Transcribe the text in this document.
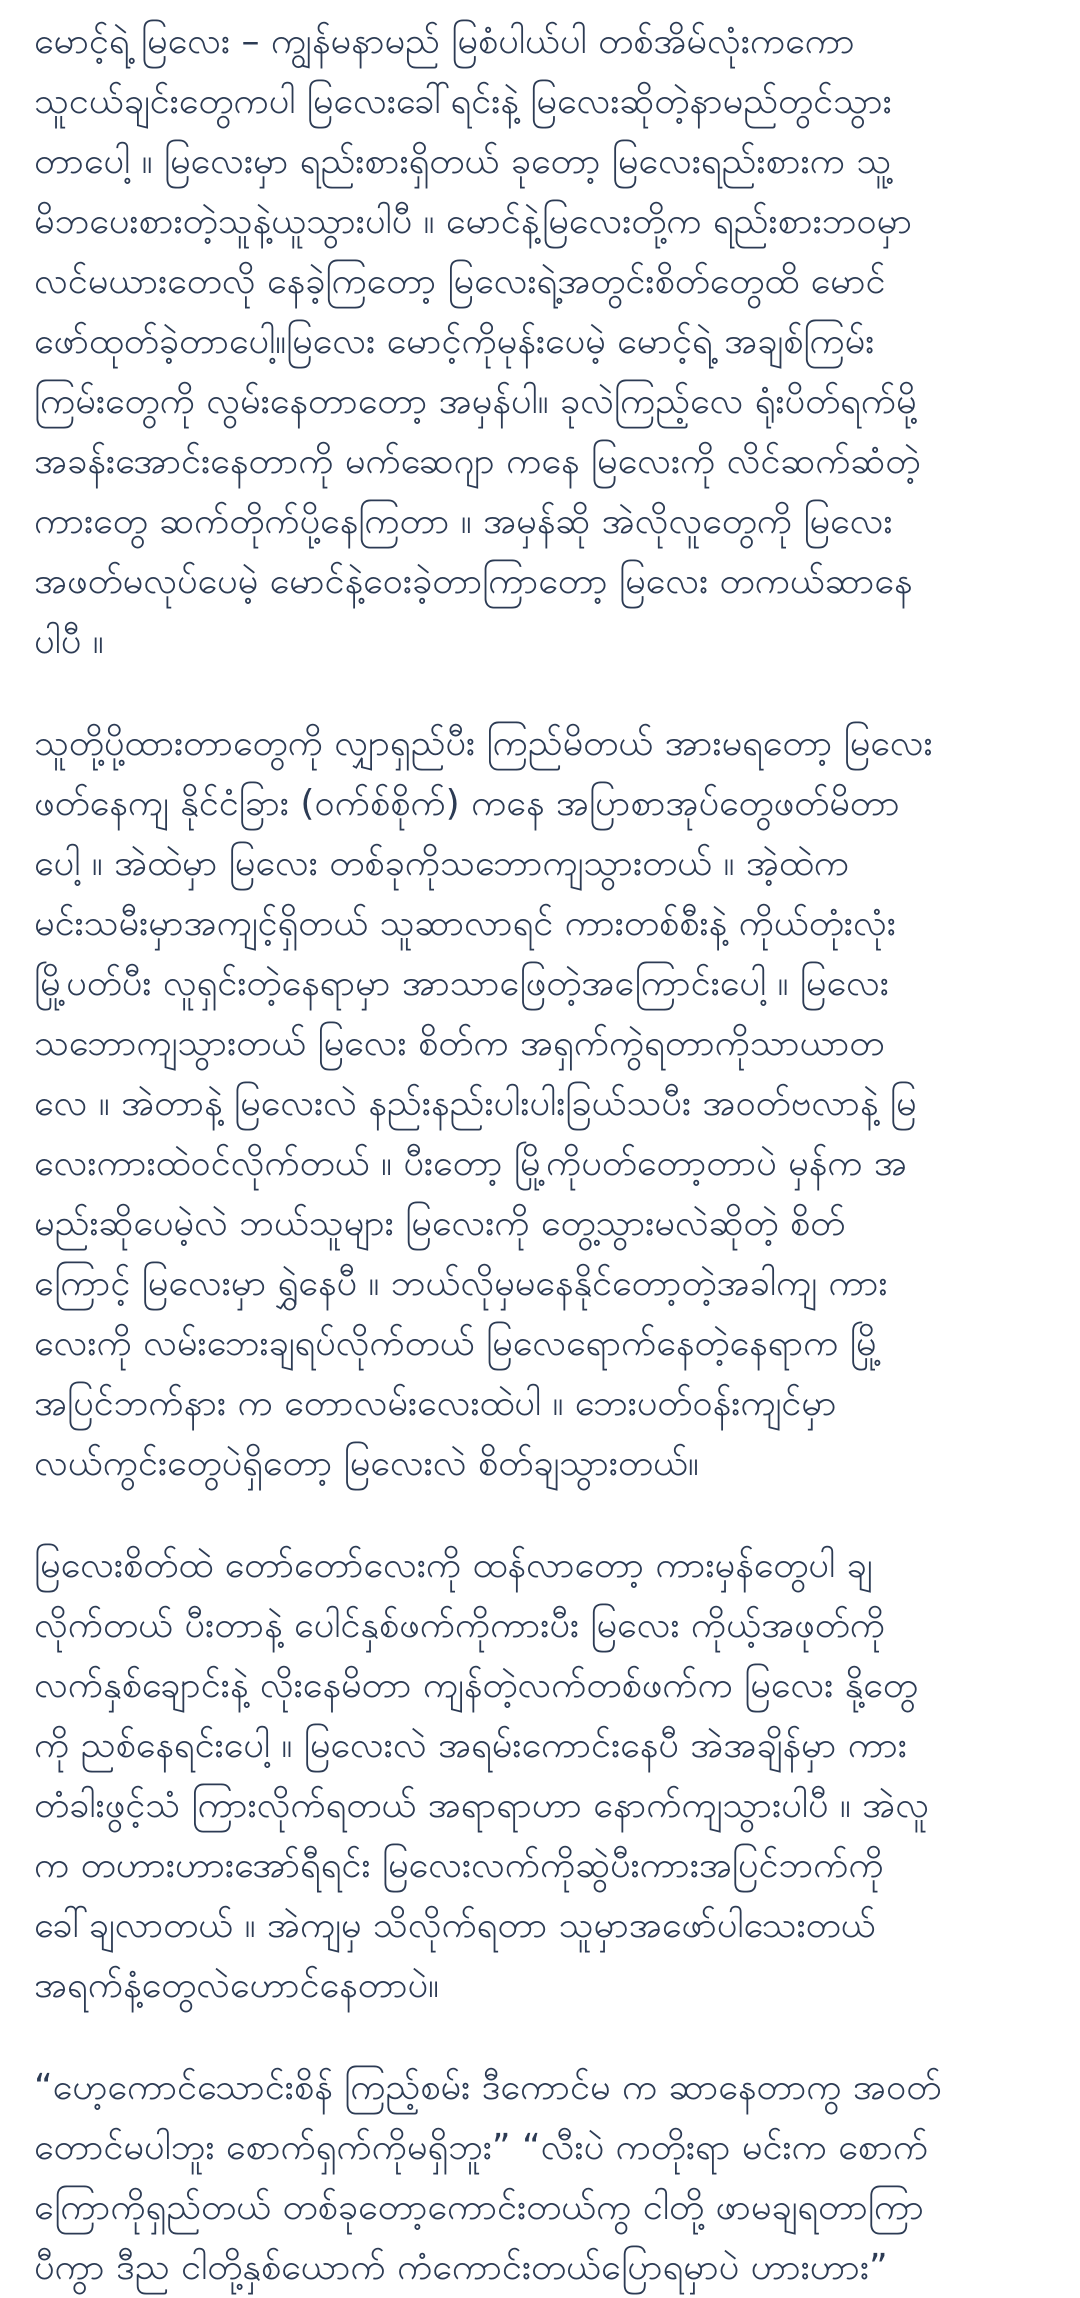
မောင့်ရဲ့ မြလေး – ကျွန်မနာမည် မြစံပါယ်ပါ တစ်အိမ်လုံးကကော
သူငယ်ချင်းတွေကပါ မြလေးခေါ်ရင်းနဲ့ မြလေးဆိုတဲ့နာမည်တွင်သွား
တာပေါ့ ။ မြလေးမှာ ရည်းစားရှိတယ် ခုတော့ မြလေးရည်းစားက သူ့
မိဘပေးစားတဲ့သူနဲ့ယူသွားပါပီ ။ မောင်နဲ့မြလေးတို့က ရည်းစားဘဝမှာ
လင်မယားတေလို နေခဲ့ကြတော့ မြလေးရဲ့အတွင်းစိတ်တွေထိ မောင်
ဖော်ထုတ်ခဲ့တာပေါ့။မြလေး မောင့်ကိုမုန်းပေမဲ့ မောင့်ရဲ့ အချစ်ကြမ်း
ကြမ်းတွေကို လွမ်းနေတာတော့ အမှန်ပါ။ ခုလဲကြည့်လေ ရုံးပိတ်ရက်မို့
အခန်းအောင်းနေတာကို မက်ဆေဂျာ ကနေ မြလေးကို လိင်ဆက်ဆံတဲ့
ကားတွေ ဆက်တိုက်ပို့နေကြတာ ။ အမှန်ဆို အဲလိုလူတွေကို မြလေး
အဖတ်မလုပ်ပေမဲ့ မောင်နဲ့ဝေးခဲ့တာကြာတော့ မြလေး တကယ်ဆာနေ
ပါပီ ။
သူတို့ပို့ထားတာတွေကို လျှာရှည်ပီး ကြည်မိတယ် အားမရတော့ မြလေး
ဖတ်နေကျ နိုင်ငံခြား (ဝက်စ်စိုက်) ကနေ အပြာစာအုပ်တွေဖတ်မိတာ
ပေါ့ ။ အဲထဲမှာ မြလေး တစ်ခုကိုသဘောကျသွားတယ် ။ အဲ့ထဲက
မင်းသမီးမှာအကျင့်ရှိတယ် သူဆာလာရင် ကားတစ်စီးနဲ့ ကိုယ်တုံးလုံး
မြို့ပတ်ပီး လူရှင်းတဲ့နေရာမှာ အာသာဖြေတဲ့အကြောင်းပေါ့ ။ မြလေး
သဘောကျသွားတယ် မြလေး စိတ်က အရှက်ကွဲရတာကိုသာယာတ
လေ ။ အဲတာနဲ့ မြလေးလဲ နည်းနည်းပါးပါးခြယ်သပီး အဝတ်ဗလာနဲ့ မြ
လေးကားထဲဝင်လိုက်တယ် ။ ပီးတော့ မြို့ကိုပတ်တော့တာပဲ မှန်က အ
မည်းဆိုပေမဲ့လဲ ဘယ်သူများ မြလေးကို တွေ့သွားမလဲဆိုတဲ့ စိတ်
ကြောင့် မြလေးမှာ ရွှဲနေပီ ။ ဘယ်လိုမှမနေနိုင်တော့တဲ့အခါကျ ကား
လေးကို လမ်းဘေးချရပ်လိုက်တယ် မြလေရောက်နေတဲ့နေရာက မြို့
အပြင်ဘက်နား က တောလမ်းလေးထဲပါ ။ ဘေးပတ်ဝန်းကျင်မှာ
လယ်ကွင်းတွေပဲရှိတော့ မြလေးလဲ စိတ်ချသွားတယ်။
မြလေးစိတ်ထဲ တော်တော်လေးကို ထန်လာတော့ ကားမှန်တွေပါ ချ
လိုက်တယ် ပီးတာနဲ့ ပေါင်နှစ်ဖက်ကိုကားပီး မြလေး ကိုယ့်အဖုတ်ကို
လက်နှစ်ချောင်းနဲ့ လိုးနေမိတာ ကျန်တဲ့လက်တစ်ဖက်က မြလေး နို့တွေ
ကို ညစ်နေရင်းပေါ့ ။ မြလေးလဲ အရမ်းကောင်းနေပီ အဲအချိန်မှာ ကား
တံခါးဖွင့်သံ ကြားလိုက်ရတယ် အရာရာဟာ နောက်ကျသွားပါပီ ။ အဲလူ
က တဟားဟားအော်ရီရင်း မြလေးလက်ကိုဆွဲပီးကားအပြင်ဘက်ကို
ခေါ်ချလာတယ် ။ အဲကျမှ သိလိုက်ရတာ သူမှာအဖော်ပါသေးတယ်
အရက်နံ့တွေလဲဟောင်နေတာပဲ။
“ဟေ့ကောင်သောင်းစိန် ကြည့်စမ်း ဒီကောင်မ က ဆာနေတာကွ အဝတ်
တောင်မပါဘူး စောက်ရှက်ကိုမရှိဘူး” “လီးပဲ ကတိုးရာ မင်းက စောက်
ကြောကိုရှည်တယ် တစ်ခုတော့ကောင်းတယ်ကွ ငါတို့ ဖာမချရတာကြာ
ပီကွာ ဒီည ငါတို့နှစ်ယောက် ကံကောင်းတယ်ပြောရမှာပဲ ဟားဟား”
